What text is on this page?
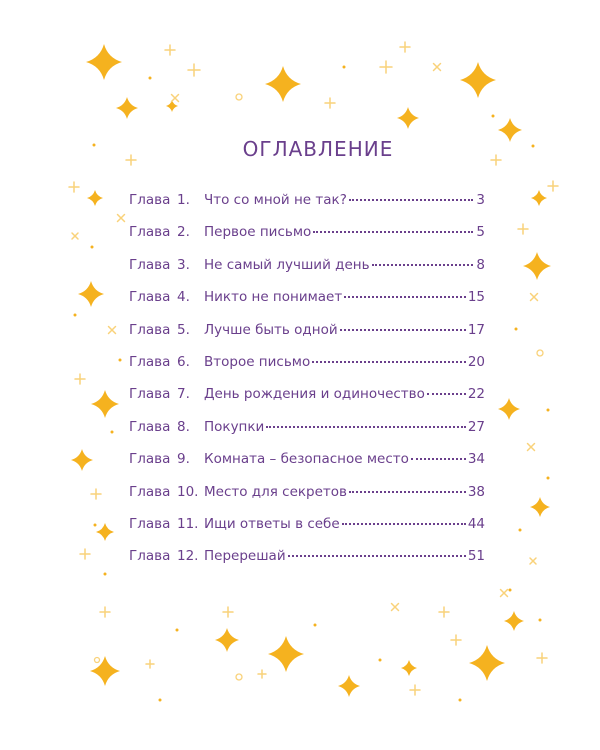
ОГЛАВЛЕНИЕ
Глава 1.	Что со мной не так?	3
Глава 2.	Первое письмо	5
Глава 3.	Не самый лучший день	8
Глава 4.	Никто не понимает	15
Глава 5.	Лучше быть одной	17
Глава 6.	Второе письмо	20
Глава 7.	День рождения и одиночество	22
Глава 8.	Покупки	27
Глава 9.	Комната – безопасное место	34
Глава 10. Место для секретов	38
Глава 11. Ищи ответы в себе	44
Глава 12. Перерешай	51
